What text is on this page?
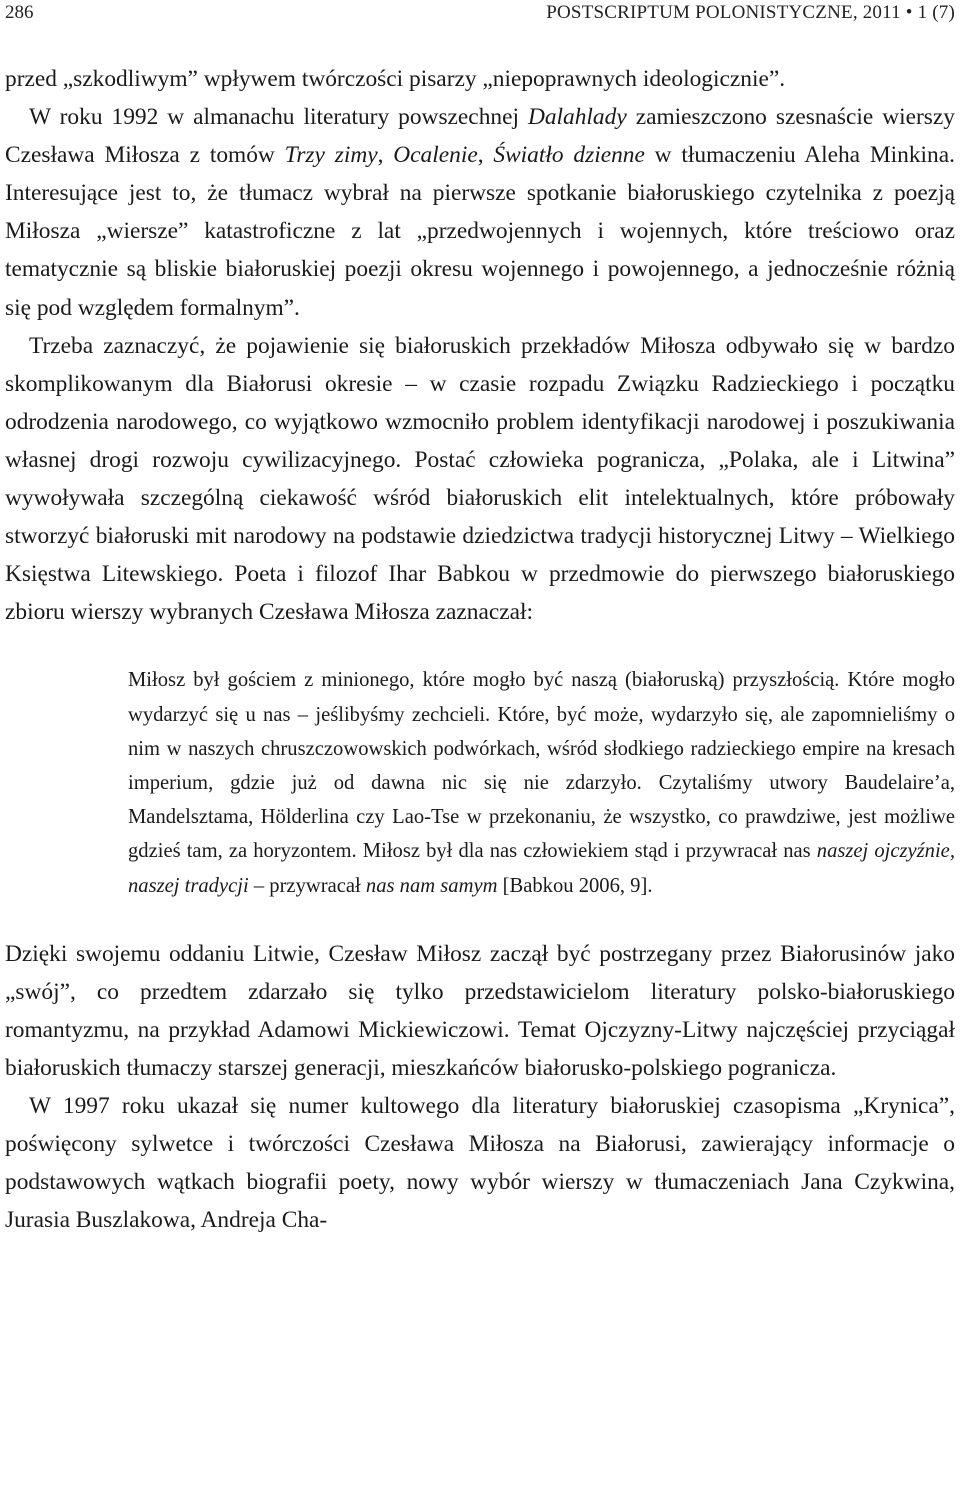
286	POSTSCRIPTUM POLONISTYCZNE, 2011 • 1 (7)

przed „szkodliwym” wpływem twórczości pisarzy „niepoprawnych ideologicznie”.

W roku 1992 w almanachu literatury powszechnej Dalahlady zamieszczono szesnaście wierszy Czesława Miłosza z tomów Trzy zimy, Ocalenie, Światło dzienne w tłumaczeniu Aleha Minkina. Interesujące jest to, że tłumacz wybrał na pierwsze spotkanie białoruskiego czytelnika z poezją Miłosza „wiersze” katastroficzne z lat „przedwojennych i wojennych, które treściowo oraz tematycznie są bliskie białoruskiej poezji okresu wojennego i powojennego, a jednocześnie różnią się pod względem formalnym”.

Trzeba zaznaczyć, że pojawienie się białoruskich przekładów Miłosza odbywało się w bardzo skomplikowanym dla Białorusi okresie – w czasie rozpadu Związku Radzieckiego i początku odrodzenia narodowego, co wyjątkowo wzmocniło problem identyfikacji narodowej i poszukiwania własnej drogi rozwoju cywilizacyjnego. Postać człowieka pogranicza, „Polaka, ale i Litwina” wywoływała szczególną ciekawość wśród białoruskich elit intelektualnych, które próbowały stworzyć białoruski mit narodowy na podstawie dziedzictwa tradycji historycznej Litwy – Wielkiego Księstwa Litewskiego. Poeta i filozof Ihar Babkou w przedmowie do pierwszego białoruskiego zbioru wierszy wybranych Czesława Miłosza zaznaczał:

Miłosz był gościem z minionego, które mogło być naszą (białoruską) przyszłością. Które mogło wydarzyć się u nas – jeślibyśmy zechcieli. Które, być może, wydarzyło się, ale zapomnieliśmy o nim w naszych chruszczowowskich podwórkach, wśród słodkiego radzieckiego empire na kresach imperium, gdzie już od dawna nic się nie zdarzyło. Czytaliśmy utwory Baudelaire’a, Mandelsztama, Hölderlina czy Lao-Tse w przekonaniu, że wszystko, co prawdziwe, jest możliwe gdzieś tam, za horyzontem. Miłosz był dla nas człowiekiem stąd i przywracał nas naszej ojczyźnie, naszej tradycji – przywracał nas nam samym [Babkou 2006, 9].

Dzięki swojemu oddaniu Litwie, Czesław Miłosz zaczął być postrzegany przez Białorusinów jako „swój”, co przedtem zdarzało się tylko przedstawicielom literatury polsko-białoruskiego romantyzmu, na przykład Adamowi Mickiewiczowi. Temat Ojczyzny-Litwy najczęściej przyciągał białoruskich tłumaczy starszej generacji, mieszkańców białorusko-polskiego pogranicza.

W 1997 roku ukazał się numer kultowego dla literatury białoruskiej czasopisma „Krynica”, poświęcony sylwetce i twórczości Czesława Miłosza na Białorusi, zawierający informacje o podstawowych wątkach biografii poety, nowy wybór wierszy w tłumaczeniach Jana Czykwina, Jurasia Buszlakowa, Andreja Cha-
